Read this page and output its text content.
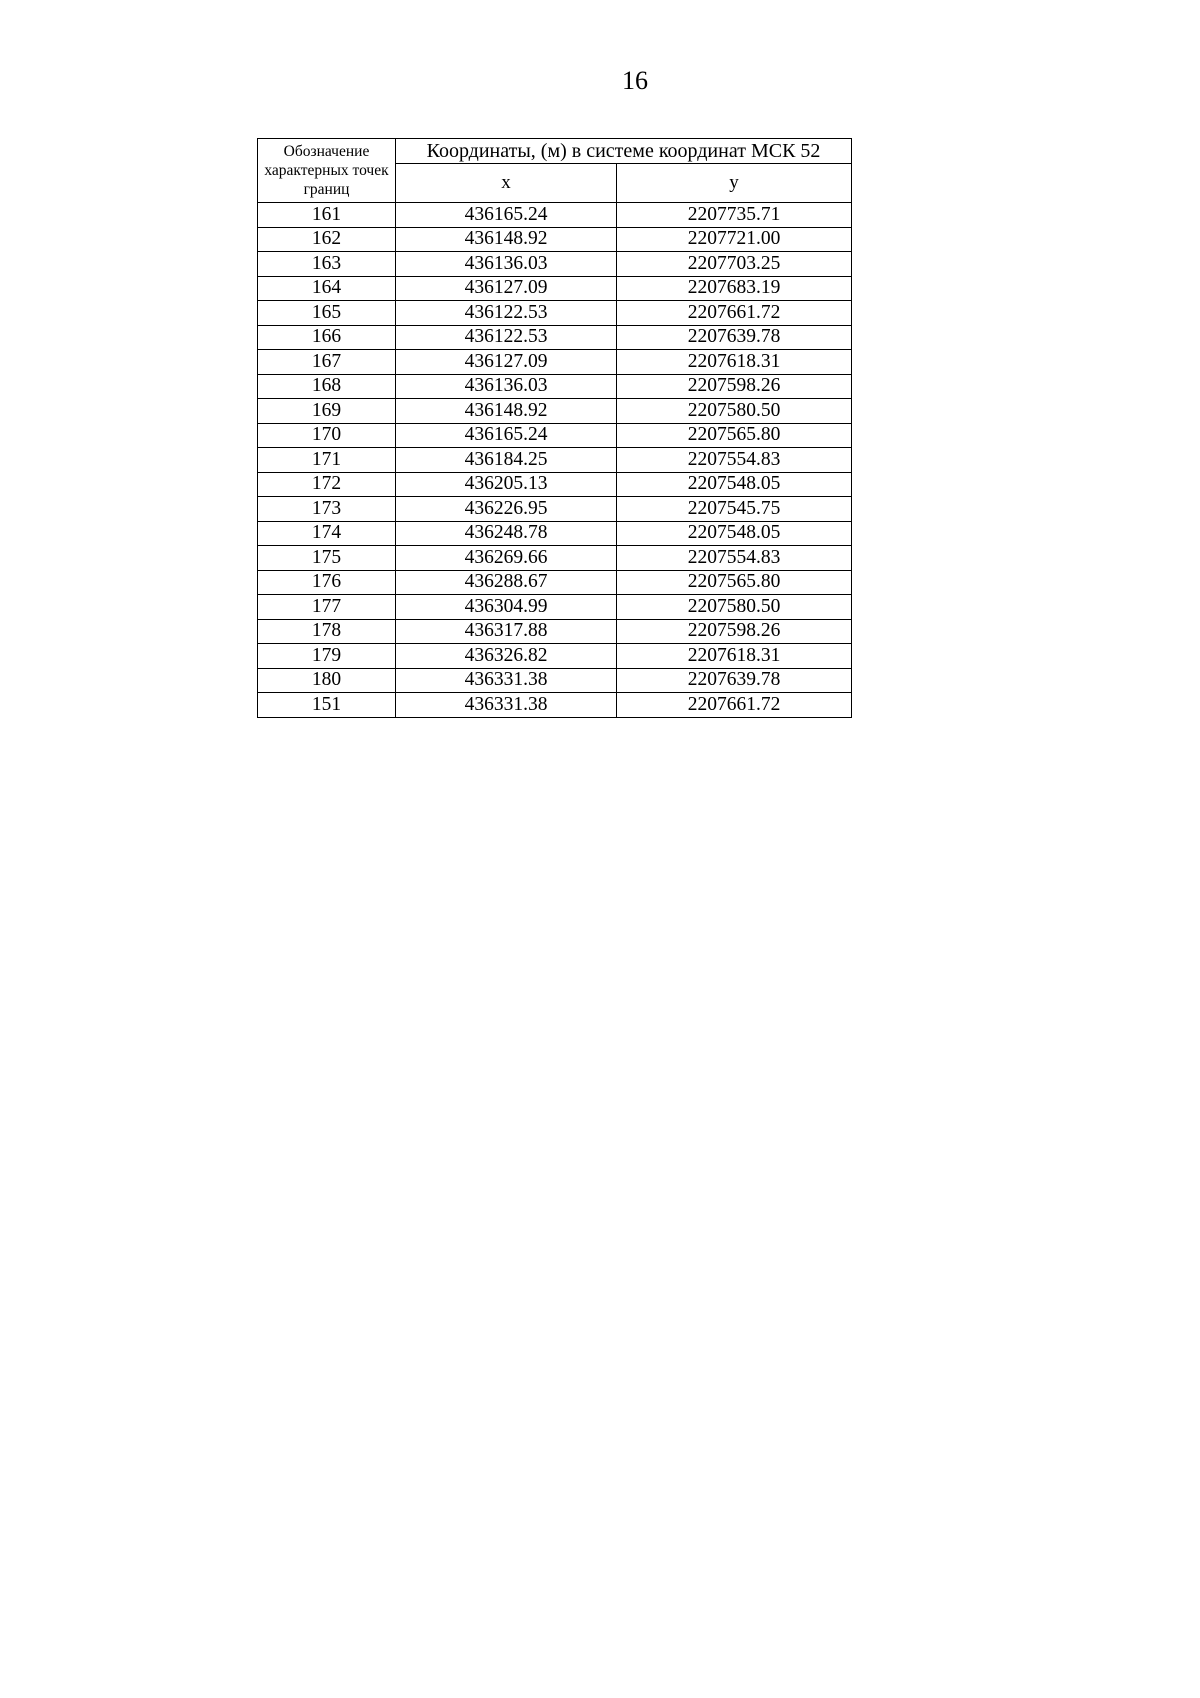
16
Обозначение характерных точек границ	Координаты, (м) в системе координат МСК 52	
	x	y
161	436165.24	2207735.71
162	436148.92	2207721.00
163	436136.03	2207703.25
164	436127.09	2207683.19
165	436122.53	2207661.72
166	436122.53	2207639.78
167	436127.09	2207618.31
168	436136.03	2207598.26
169	436148.92	2207580.50
170	436165.24	2207565.80
171	436184.25	2207554.83
172	436205.13	2207548.05
173	436226.95	2207545.75
174	436248.78	2207548.05
175	436269.66	2207554.83
176	436288.67	2207565.80
177	436304.99	2207580.50
178	436317.88	2207598.26
179	436326.82	2207618.31
180	436331.38	2207639.78
151	436331.38	2207661.72
